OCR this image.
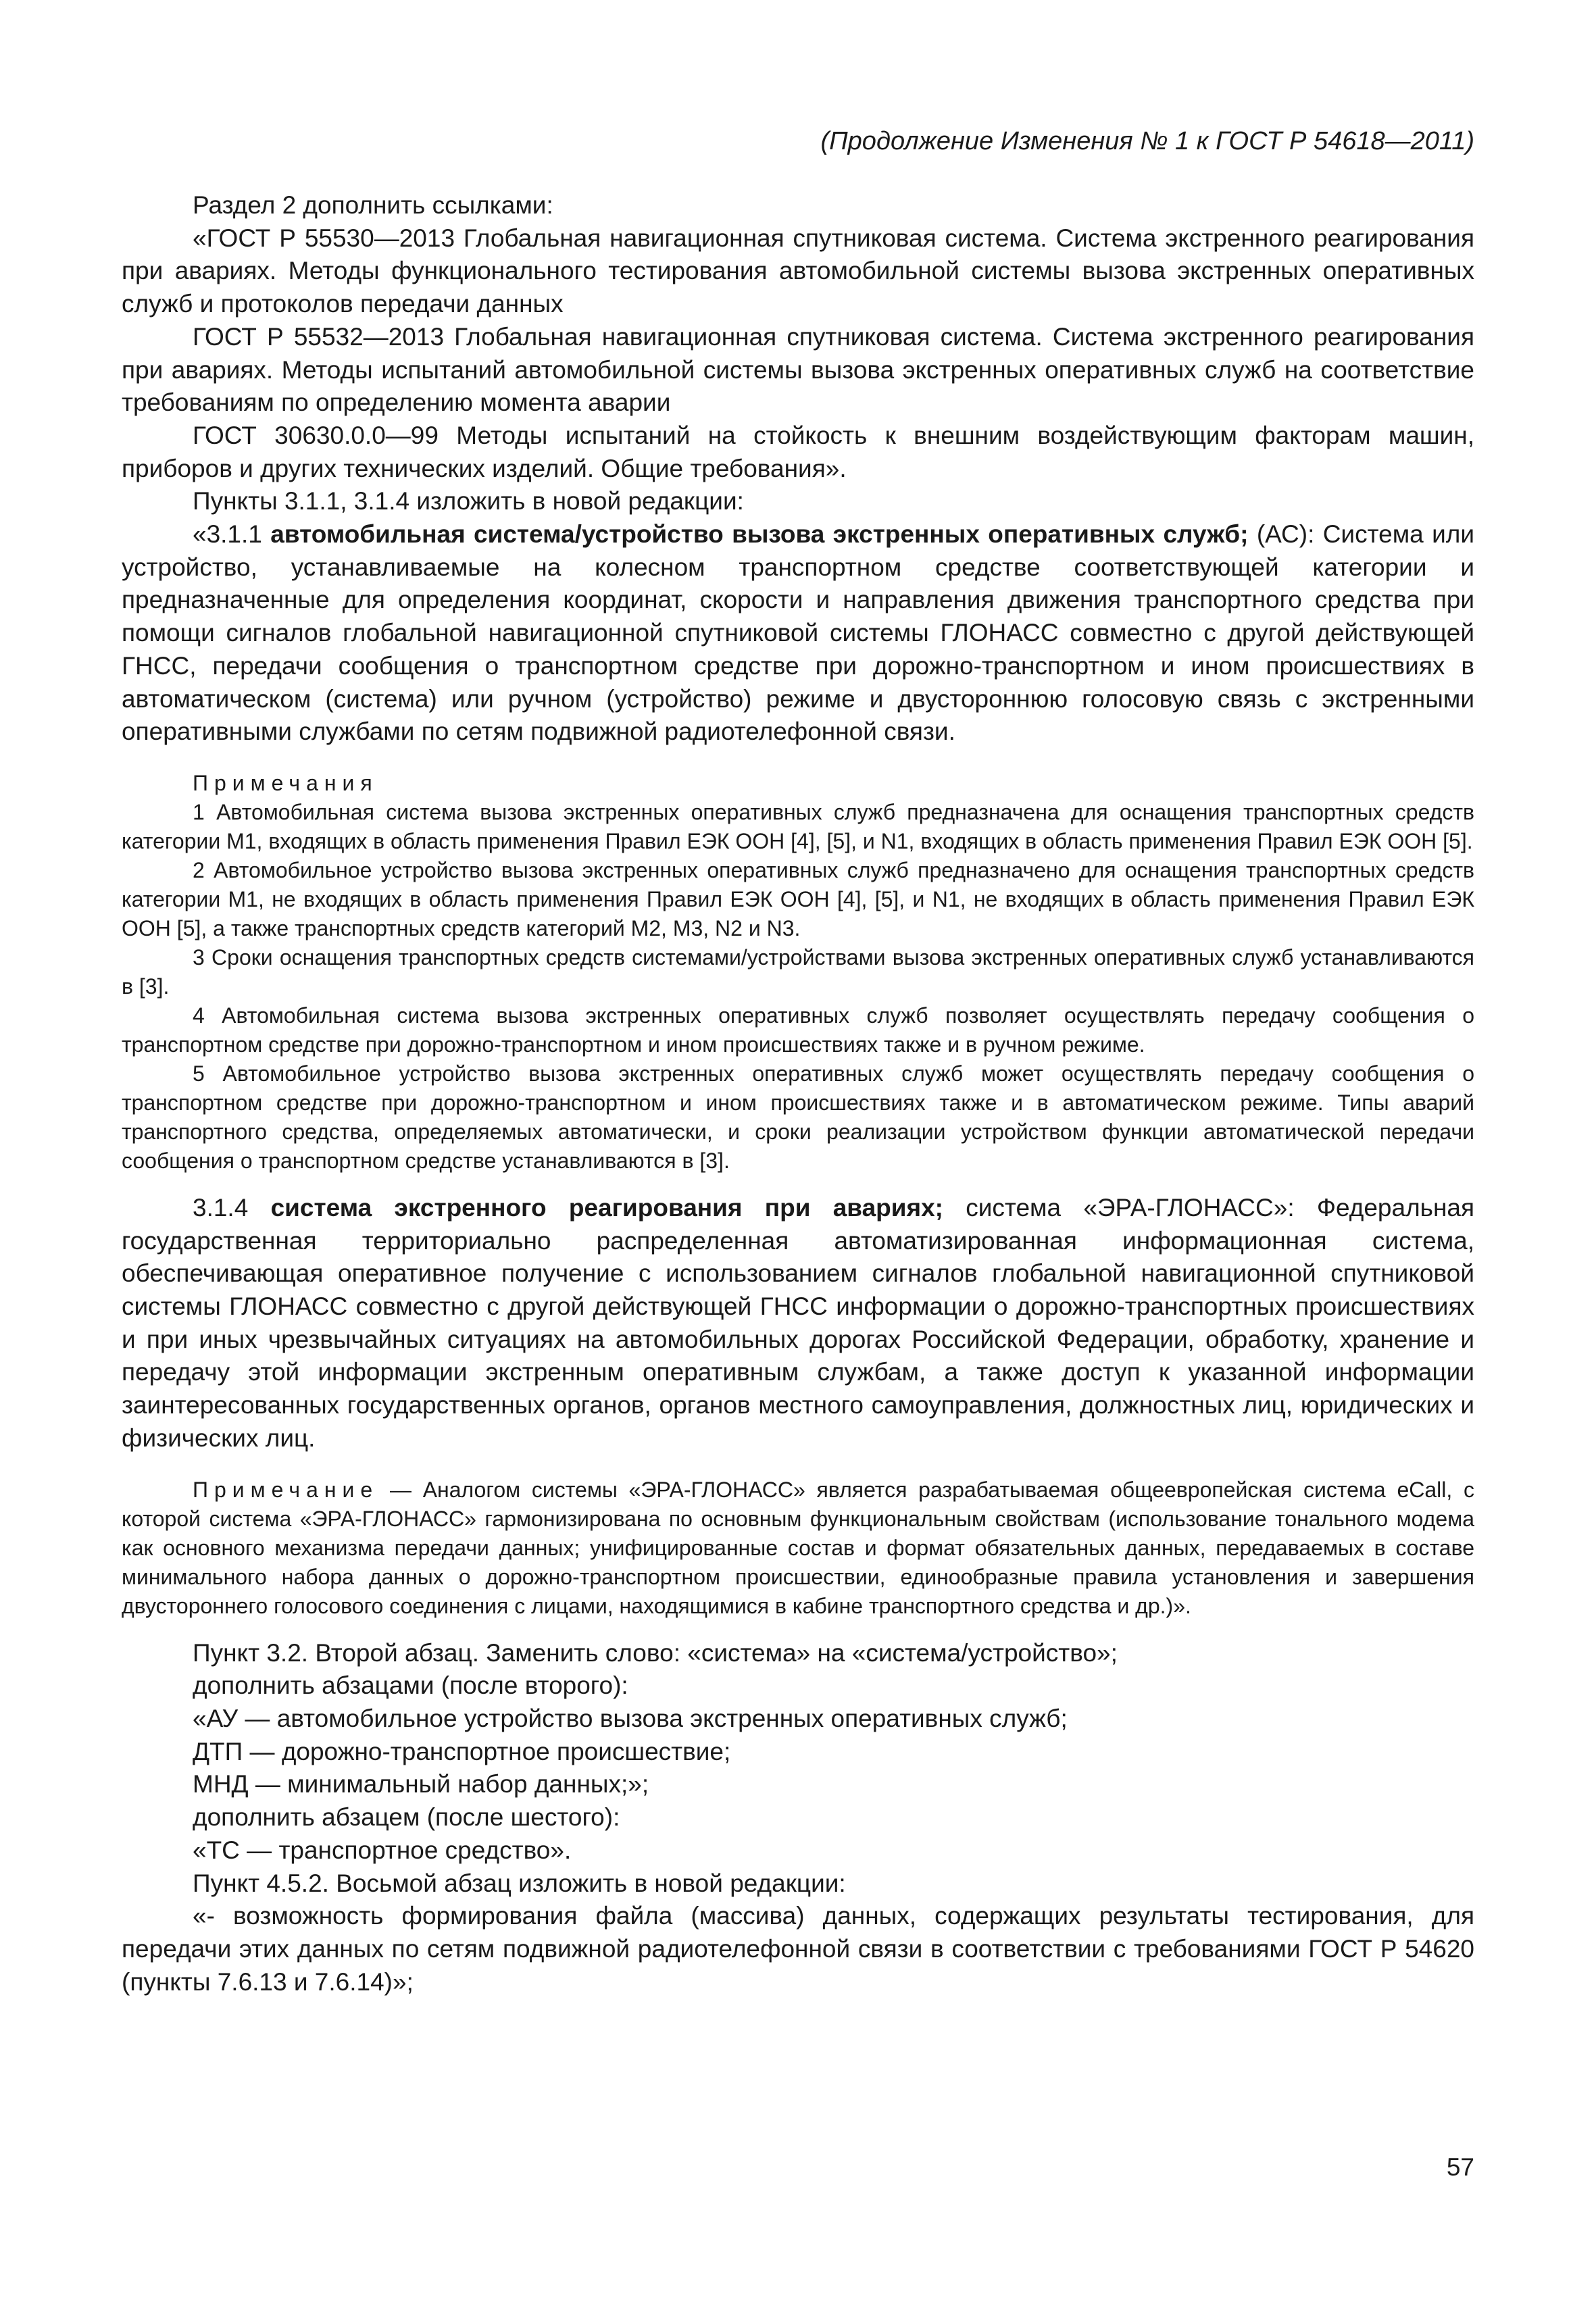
(Продолжение Изменения № 1 к ГОСТ Р 54618—2011)

Раздел 2 дополнить ссылками:

«ГОСТ Р 55530—2013 Глобальная навигационная спутниковая система. Система экстренного реагирования при авариях. Методы функционального тестирования автомобильной системы вызова экстренных оперативных служб и протоколов передачи данных

ГОСТ Р 55532—2013 Глобальная навигационная спутниковая система. Система экстренного реагирования при авариях. Методы испытаний автомобильной системы вызова экстренных оперативных служб на соответствие требованиям по определению момента аварии

ГОСТ 30630.0.0—99 Методы испытаний на стойкость к внешним воздействующим факторам машин, приборов и других технических изделий. Общие требования».

Пункты 3.1.1, 3.1.4 изложить в новой редакции:

«3.1.1 автомобильная система/устройство вызова экстренных оперативных служб; (АС): Система или устройство, устанавливаемые на колесном транспортном средстве соответствующей категории и предназначенные для определения координат, скорости и направления движения транспортного средства при помощи сигналов глобальной навигационной спутниковой системы ГЛОНАСС совместно с другой действующей ГНСС, передачи сообщения о транспортном средстве при дорожно-транспортном и ином происшествиях в автоматическом (система) или ручном (устройство) режиме и двустороннюю голосовую связь с экстренными оперативными службами по сетям подвижной радиотелефонной связи.

Примечания

1 Автомобильная система вызова экстренных оперативных служб предназначена для оснащения транспортных средств категории М1, входящих в область применения Правил ЕЭК ООН [4], [5], и N1, входящих в область применения Правил ЕЭК ООН [5].

2 Автомобильное устройство вызова экстренных оперативных служб предназначено для оснащения транспортных средств категории М1, не входящих в область применения Правил ЕЭК ООН [4], [5], и N1, не входящих в область применения Правил ЕЭК ООН [5], а также транспортных средств категорий М2, М3, N2 и N3.

3 Сроки оснащения транспортных средств системами/устройствами вызова экстренных оперативных служб устанавливаются в [3].

4 Автомобильная система вызова экстренных оперативных служб позволяет осуществлять передачу сообщения о транспортном средстве при дорожно-транспортном и ином происшествиях также и в ручном режиме.

5 Автомобильное устройство вызова экстренных оперативных служб может осуществлять передачу сообщения о транспортном средстве при дорожно-транспортном и ином происшествиях также и в автоматическом режиме. Типы аварий транспортного средства, определяемых автоматически, и сроки реализации устройством функции автоматической передачи сообщения о транспортном средстве устанавливаются в [3].

3.1.4 система экстренного реагирования при авариях; система «ЭРА-ГЛОНАСС»: Федеральная государственная территориально распределенная автоматизированная информационная система, обеспечивающая оперативное получение с использованием сигналов глобальной навигационной спутниковой системы ГЛОНАСС совместно с другой действующей ГНСС информации о дорожно-транспортных происшествиях и при иных чрезвычайных ситуациях на автомобильных дорогах Российской Федерации, обработку, хранение и передачу этой информации экстренным оперативным службам, а также доступ к указанной информации заинтересованных государственных органов, органов местного самоуправления, должностных лиц, юридических и физических лиц.

Примечание — Аналогом системы «ЭРА-ГЛОНАСС» является разрабатываемая общеевропейская система eCall, с которой система «ЭРА-ГЛОНАСС» гармонизирована по основным функциональным свойствам (использование тонального модема как основного механизма передачи данных; унифицированные состав и формат обязательных данных, передаваемых в составе минимального набора данных о дорожно-транспортном происшествии, единообразные правила установления и завершения двустороннего голосового соединения с лицами, находящимися в кабине транспортного средства и др.)».

Пункт 3.2. Второй абзац. Заменить слово: «система» на «система/устройство»;

дополнить абзацами (после второго):

«АУ — автомобильное устройство вызова экстренных оперативных служб;

ДТП — дорожно-транспортное происшествие;

МНД — минимальный набор данных;»;

дополнить абзацем (после шестого):

«ТС — транспортное средство».

Пункт 4.5.2. Восьмой абзац изложить в новой редакции:

«- возможность формирования файла (массива) данных, содержащих результаты тестирования, для передачи этих данных по сетям подвижной радиотелефонной связи в соответствии с требованиями ГОСТ Р 54620 (пункты 7.6.13 и 7.6.14)»;

57
